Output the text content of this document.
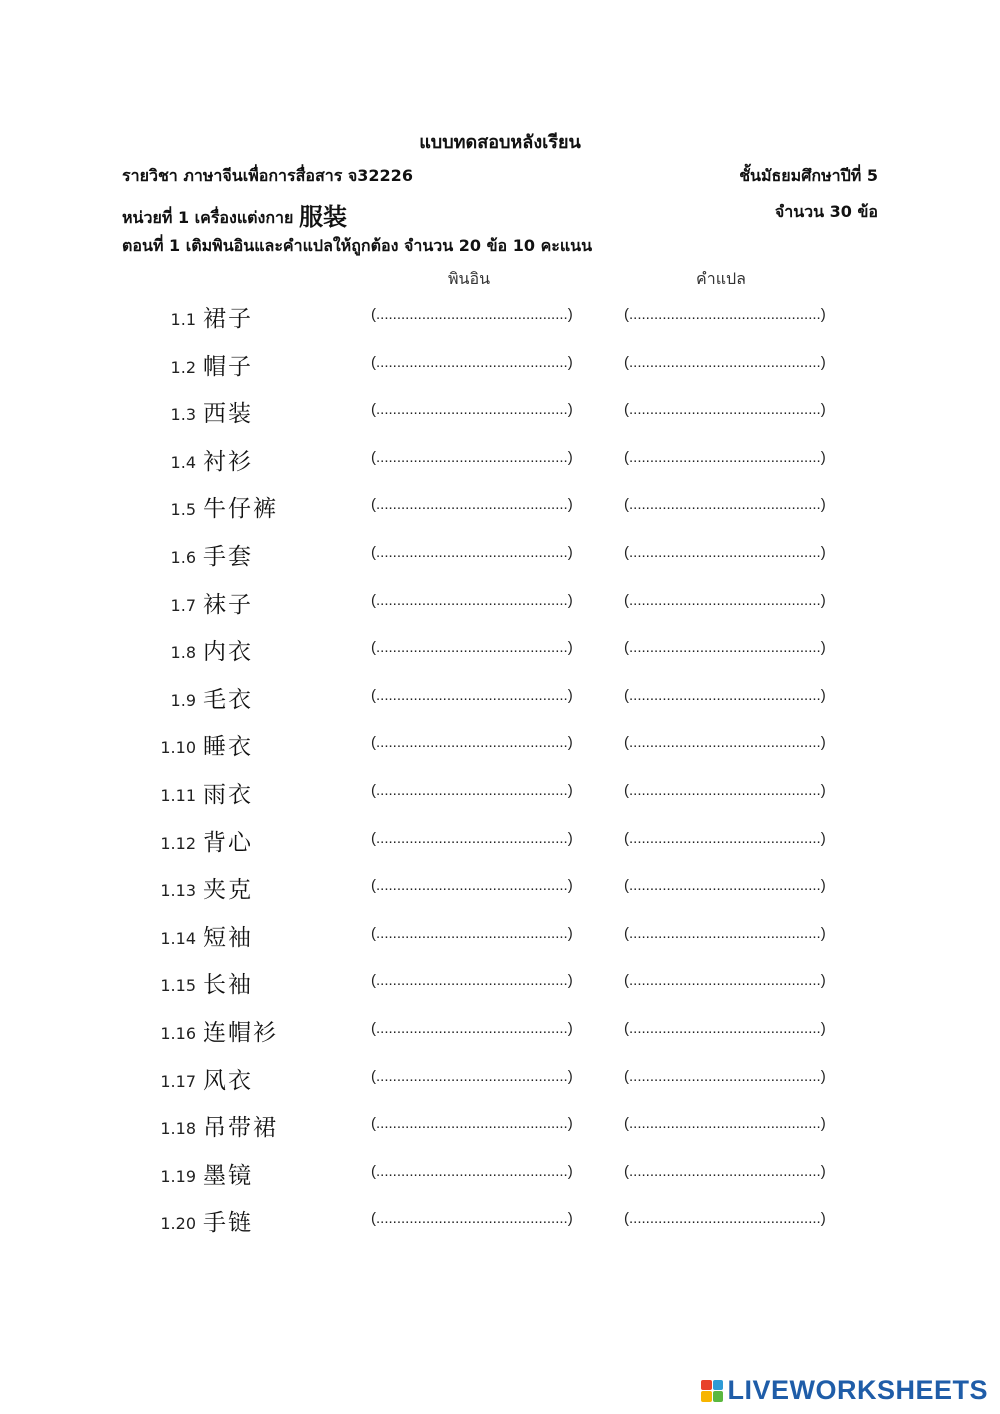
แบบทดสอบหลังเรียน
รายวิชา ภาษาจีนเพื่อการสื่อสาร จ32226	ชั้นมัธยมศึกษาปีที่ 5
หน่วยที่ 1 เครื่องแต่งกาย 服装	จำนวน 30 ข้อ
ตอนที่ 1 เติมพินอินและคำแปลให้ถูกต้อง จำนวน 20 ข้อ 10 คะแนน
พินอิน	คำแปล
1.1 裙子	(..............................................)	(..............................................)
1.2 帽子	(..............................................)	(..............................................)
1.3 西装	(..............................................)	(..............................................)
1.4 衬衫	(..............................................)	(..............................................)
1.5 牛仔裤	(..............................................)	(..............................................)
1.6 手套	(..............................................)	(..............................................)
1.7 袜子	(..............................................)	(..............................................)
1.8 内衣	(..............................................)	(..............................................)
1.9 毛衣	(..............................................)	(..............................................)
1.10 睡衣	(..............................................)	(..............................................)
1.11 雨衣	(..............................................)	(..............................................)
1.12 背心	(..............................................)	(..............................................)
1.13 夹克	(..............................................)	(..............................................)
1.14 短袖	(..............................................)	(..............................................)
1.15 长袖	(..............................................)	(..............................................)
1.16 连帽衫	(..............................................)	(..............................................)
1.17 风衣	(..............................................)	(..............................................)
1.18 吊带裙	(..............................................)	(..............................................)
1.19 墨镜	(..............................................)	(..............................................)
1.20 手链	(..............................................)	(..............................................)
LIVEWORKSHEETS
